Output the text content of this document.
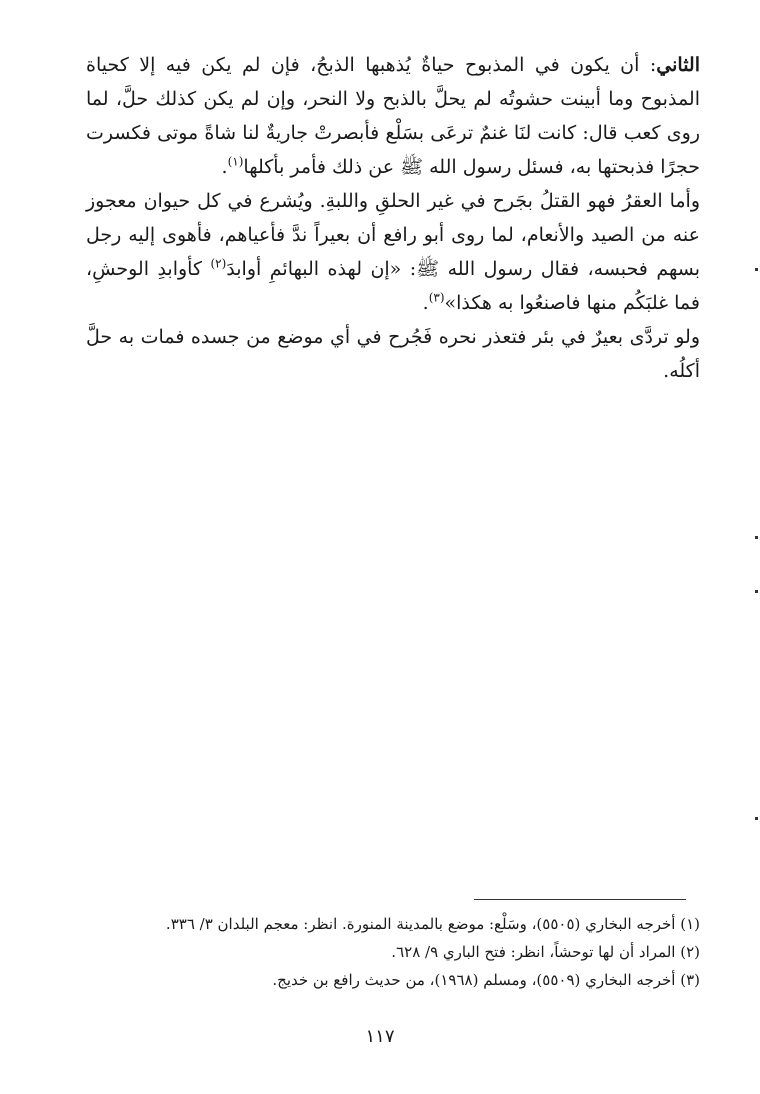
الثاني: أن يكون في المذبوح حياةٌ يُذهبها الذبحُ، فإن لم يكن فيه إلا كحياة المذبوح وما أبينت حشوتُه لم يحلَّ بالذبح ولا النحر، وإن لم يكن كذلك حلَّ، لما روى كعب قال: كانت لنَا غنمٌ ترعَى بسَلْع فأبصرتْ جاريةٌ لنا شاةً موتى فكسرت حجرًا فذبحتها به، فسئل رسول الله ﷺ عن ذلك فأمر بأكلها$^{(١)}$.

وأما العقرُ فهو القتلُ بجَرح في غير الحلقِ واللبةِ. ويُشرع في كل حيوان معجوز عنه من الصيد والأنعام، لما روى أبو رافع أن بعيراً ندَّ فأعياهم، فأهوى إليه رجل بسهم فحبسه، فقال رسول الله ﷺ: «إن لهذه البهائمِ أوابدَ$^{(٢)}$ كأوابدِ الوحشِ، فما غلبَكُم منها فاصنعُوا به هكذا»$^{(٣)}$.

ولو تردَّى بعيرٌ في بئر فتعذر نحره فَجُرح في أي موضع من جسده فمات به حلَّ أكلُه.

(١) أخرجه البخاري (٥٥٠٥)، وسَلْع: موضع بالمدينة المنورة. انظر: معجم البلدان ٣/ ٣٣٦.

(٢) المراد أن لها توحشاً، انظر: فتح الباري ٩/ ٦٢٨.

(٣) أخرجه البخاري (٥٥٠٩)، ومسلم (١٩٦٨)، من حديث رافع بن خديج.

١١٧
